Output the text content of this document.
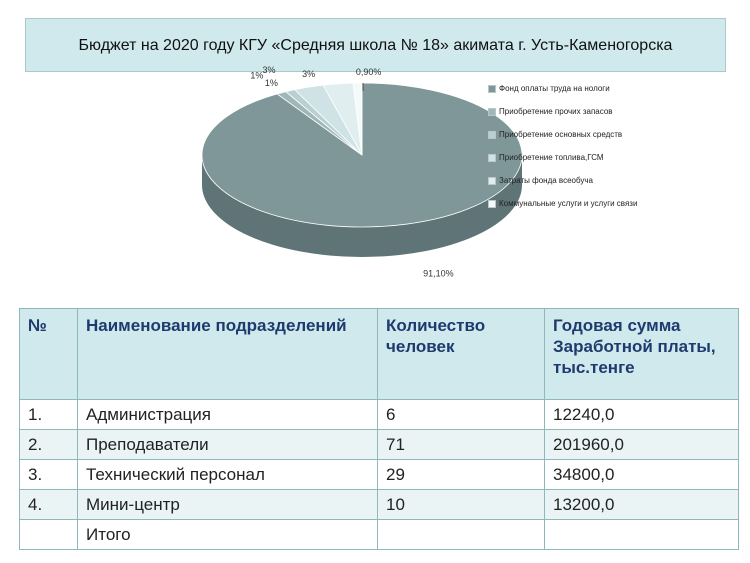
Бюджет на 2020 году КГУ «Средняя школа № 18» акимата г. Усть-Каменогорска
91,10%
1%
1%
3%	3%	0,90%
Фонд оплаты труда на нологи
Приобретение прочих запасов
Приобретение основных средств
Приобретение топлива,ГСМ
Затраты фонда всеобуча
Коммунальные услуги и услуги связи
№	Наименование подразделений	Количество человек	Годовая сумма Заработной платы, тыс.тенге
1.	Администрация	6	12240,0
2.	Преподаватели	71	201960,0
3.	Технический персонал	29	34800,0
4.	Мини-центр	10	13200,0
	Итого		
